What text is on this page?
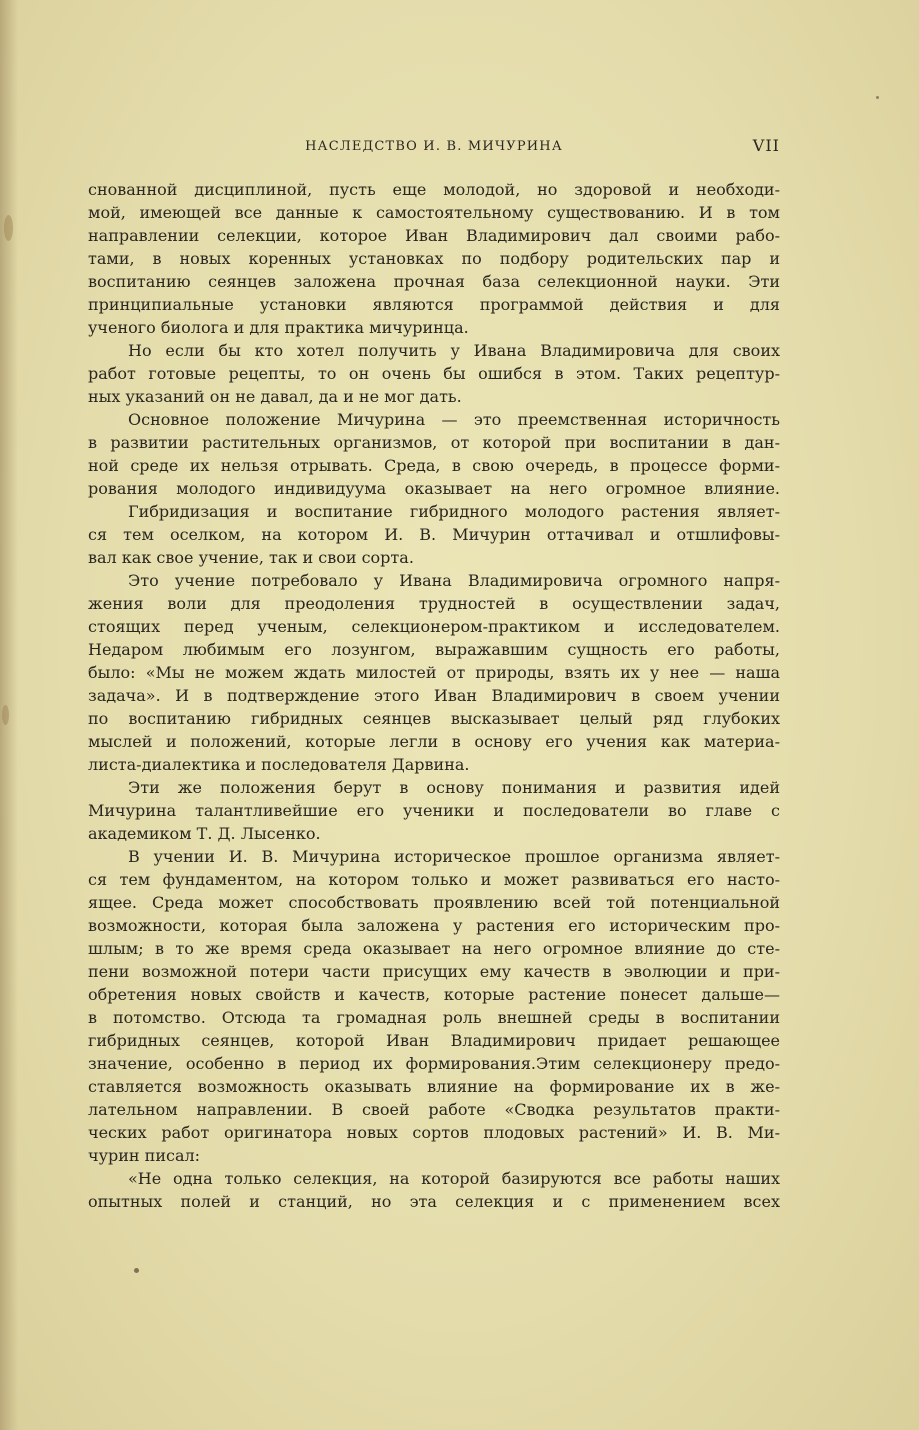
НАСЛЕДСТВО И. В. МИЧУРИНА	VII
снованной дисциплиной, пусть еще молодой, но здоровой и необходи-
мой, имеющей все данные к самостоятельному существованию. И в том
направлении селекции, которое Иван Владимирович дал своими рабо-
тами, в новых коренных установках по подбору родительских пар и
воспитанию сеянцев заложена прочная база селекционной науки. Эти
принципиальные установки являются программой действия и для
ученого биолога и для практика мичуринца.
Но если бы кто хотел получить у Ивана Владимировича для своих
работ готовые рецепты, то он очень бы ошибся в этом. Таких рецептур-
ных указаний он не давал, да и не мог дать.
Основное положение Мичурина — это преемственная историчность
в развитии растительных организмов, от которой при воспитании в дан-
ной среде их нельзя отрывать. Среда, в свою очередь, в процессе форми-
рования молодого индивидуума оказывает на него огромное влияние.
Гибридизация и воспитание гибридного молодого растения являет-
ся тем оселком, на котором И. В. Мичурин оттачивал и отшлифовы-
вал как свое учение, так и свои сорта.
Это учение потребовало у Ивана Владимировича огромного напря-
жения воли для преодоления трудностей в осуществлении задач,
стоящих перед ученым, селекционером-практиком и исследователем.
Недаром любимым его лозунгом, выражавшим сущность его работы,
было: «Мы не можем ждать милостей от природы, взять их у нее — наша
задача». И в подтверждение этого Иван Владимирович в своем учении
по воспитанию гибридных сеянцев высказывает целый ряд глубоких
мыслей и положений, которые легли в основу его учения как материа-
листа-диалектика и последователя Дарвина.
Эти же положения берут в основу понимания и развития идей
Мичурина талантливейшие его ученики и последователи во главе с
академиком Т. Д. Лысенко.
В учении И. В. Мичурина историческое прошлое организма являет-
ся тем фундаментом, на котором только и может развиваться его насто-
ящее. Среда может способствовать проявлению всей той потенциальной
возможности, которая была заложена у растения его историческим про-
шлым; в то же время среда оказывает на него огромное влияние до сте-
пени возможной потери части присущих ему качеств в эволюции и при-
обретения новых свойств и качеств, которые растение понесет дальше—
в потомство. Отсюда та громадная роль внешней среды в воспитании
гибридных сеянцев, которой Иван Владимирович придает решающее
значение, особенно в период их формирования.Этим селекционеру предо-
ставляется возможность оказывать влияние на формирование их в же-
лательном направлении. В своей работе «Сводка результатов практи-
ческих работ оригинатора новых сортов плодовых растений» И. В. Ми-
чурин писал:
«Не одна только селекция, на которой базируются все работы наших
опытных полей и станций, но эта селекция и с применением всех
